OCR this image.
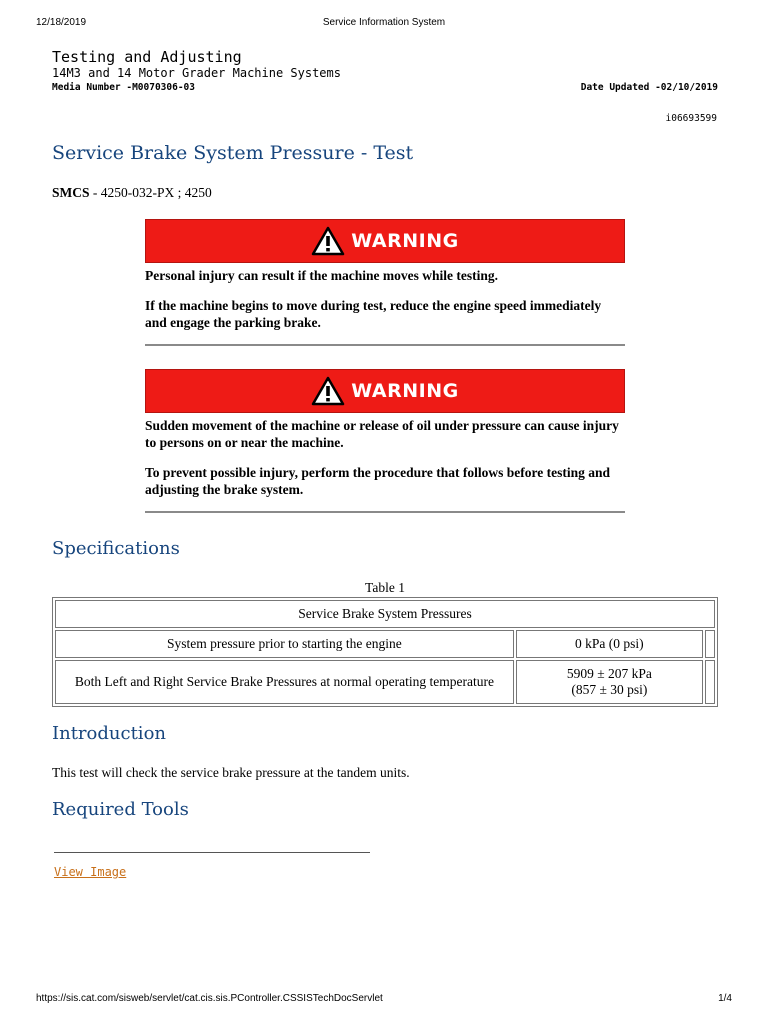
12/18/2019	Service Information System
Testing and Adjusting
14M3 and 14 Motor Grader Machine Systems
Media Number -M0070306-03	Date Updated -02/10/2019
i06693599
Service Brake System Pressure - Test
SMCS - 4250-032-PX ; 4250
WARNING

Personal injury can result if the machine moves while testing.

If the machine begins to move during test, reduce the engine speed immediately and engage the parking brake.

WARNING

Sudden movement of the machine or release of oil under pressure can cause injury to persons on or near the machine.

To prevent possible injury, perform the procedure that follows before testing and adjusting the brake system.

Specifications
Table 1
Service Brake System Pressures		
System pressure prior to starting the engine	0 kPa (0 psi)	
Both Left and Right Service Brake Pressures at normal operating temperature	5909 ± 207 kPa
(857 ± 30 psi)	

Introduction
This test will check the service brake pressure at the tandem units.
Required Tools
View Image
https://sis.cat.com/sisweb/servlet/cat.cis.sis.PController.CSSISTechDocServlet	1/4
